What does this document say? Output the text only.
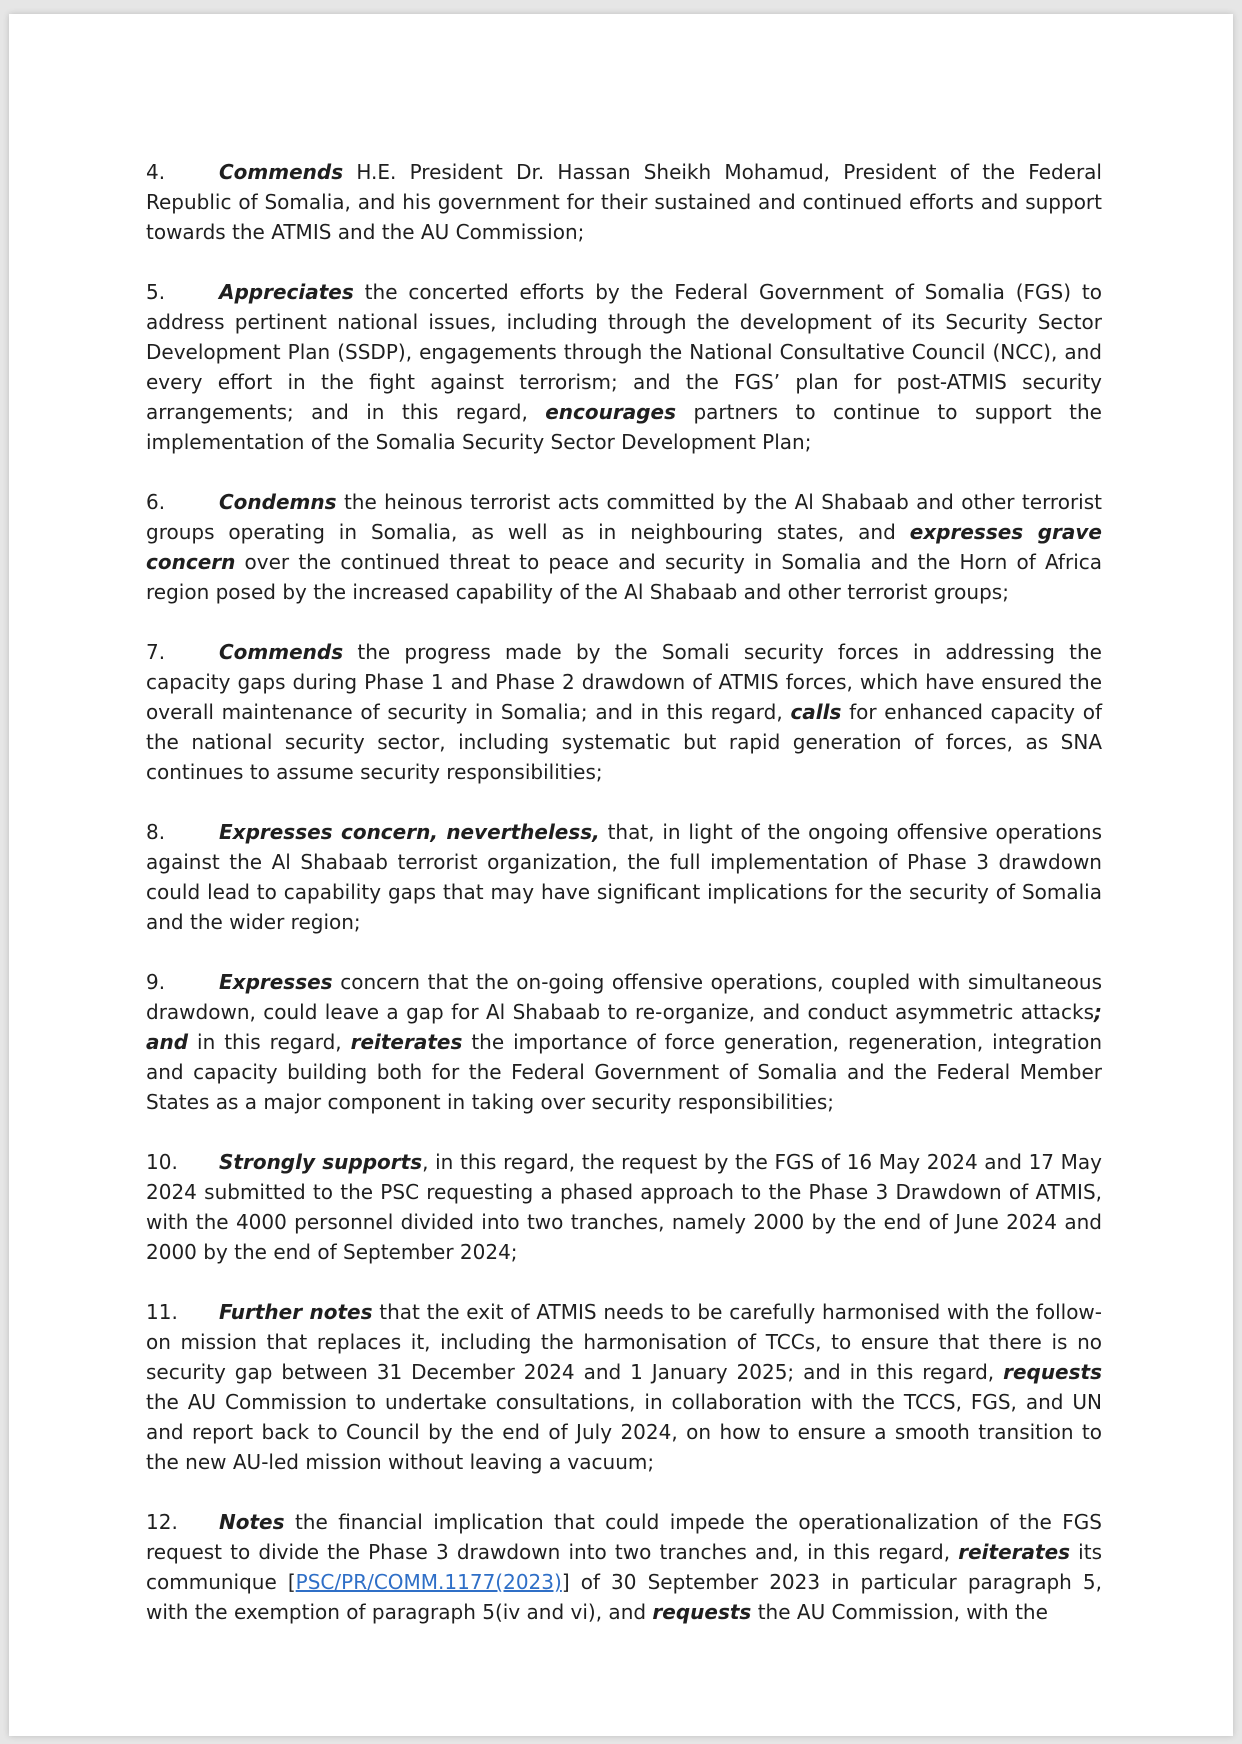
4.	Commends H.E. President Dr. Hassan Sheikh Mohamud, President of the Federal Republic of Somalia, and his government for their sustained and continued efforts and support towards the ATMIS and the AU Commission;

5.	Appreciates the concerted efforts by the Federal Government of Somalia (FGS) to address pertinent national issues, including through the development of its Security Sector Development Plan (SSDP), engagements through the National Consultative Council (NCC), and every effort in the fight against terrorism; and the FGS’ plan for post-ATMIS security arrangements; and in this regard, encourages partners to continue to support the implementation of the Somalia Security Sector Development Plan;

6.	Condemns the heinous terrorist acts committed by the Al Shabaab and other terrorist groups operating in Somalia, as well as in neighbouring states, and expresses grave concern over the continued threat to peace and security in Somalia and the Horn of Africa region posed by the increased capability of the Al Shabaab and other terrorist groups;

7.	Commends the progress made by the Somali security forces in addressing the capacity gaps during Phase 1 and Phase 2 drawdown of ATMIS forces, which have ensured the overall maintenance of security in Somalia; and in this regard, calls for enhanced capacity of the national security sector, including systematic but rapid generation of forces, as SNA continues to assume security responsibilities;

8.	Expresses concern, nevertheless, that, in light of the ongoing offensive operations against the Al Shabaab terrorist organization, the full implementation of Phase 3 drawdown could lead to capability gaps that may have significant implications for the security of Somalia and the wider region;

9.	Expresses concern that the on-going offensive operations, coupled with simultaneous drawdown, could leave a gap for Al Shabaab to re-organize, and conduct asymmetric attacks; and in this regard, reiterates the importance of force generation, regeneration, integration and capacity building both for the Federal Government of Somalia and the Federal Member States as a major component in taking over security responsibilities;

10. Strongly supports, in this regard, the request by the FGS of 16 May 2024 and 17 May 2024 submitted to the PSC requesting a phased approach to the Phase 3 Drawdown of ATMIS, with the 4000 personnel divided into two tranches, namely 2000 by the end of June 2024 and 2000 by the end of September 2024;

11. Further notes that the exit of ATMIS needs to be carefully harmonised with the follow-on mission that replaces it, including the harmonisation of TCCs, to ensure that there is no security gap between 31 December 2024 and 1 January 2025; and in this regard, requests the AU Commission to undertake consultations, in collaboration with the TCCS, FGS, and UN and report back to Council by the end of July 2024, on how to ensure a smooth transition to the new AU-led mission without leaving a vacuum;

12. Notes the financial implication that could impede the operationalization of the FGS request to divide the Phase 3 drawdown into two tranches and, in this regard, reiterates its communique [PSC/PR/COMM.1177(2023)] of 30 September 2023 in particular paragraph 5, with the exemption of paragraph 5(iv and vi), and requests the AU Commission, with the
